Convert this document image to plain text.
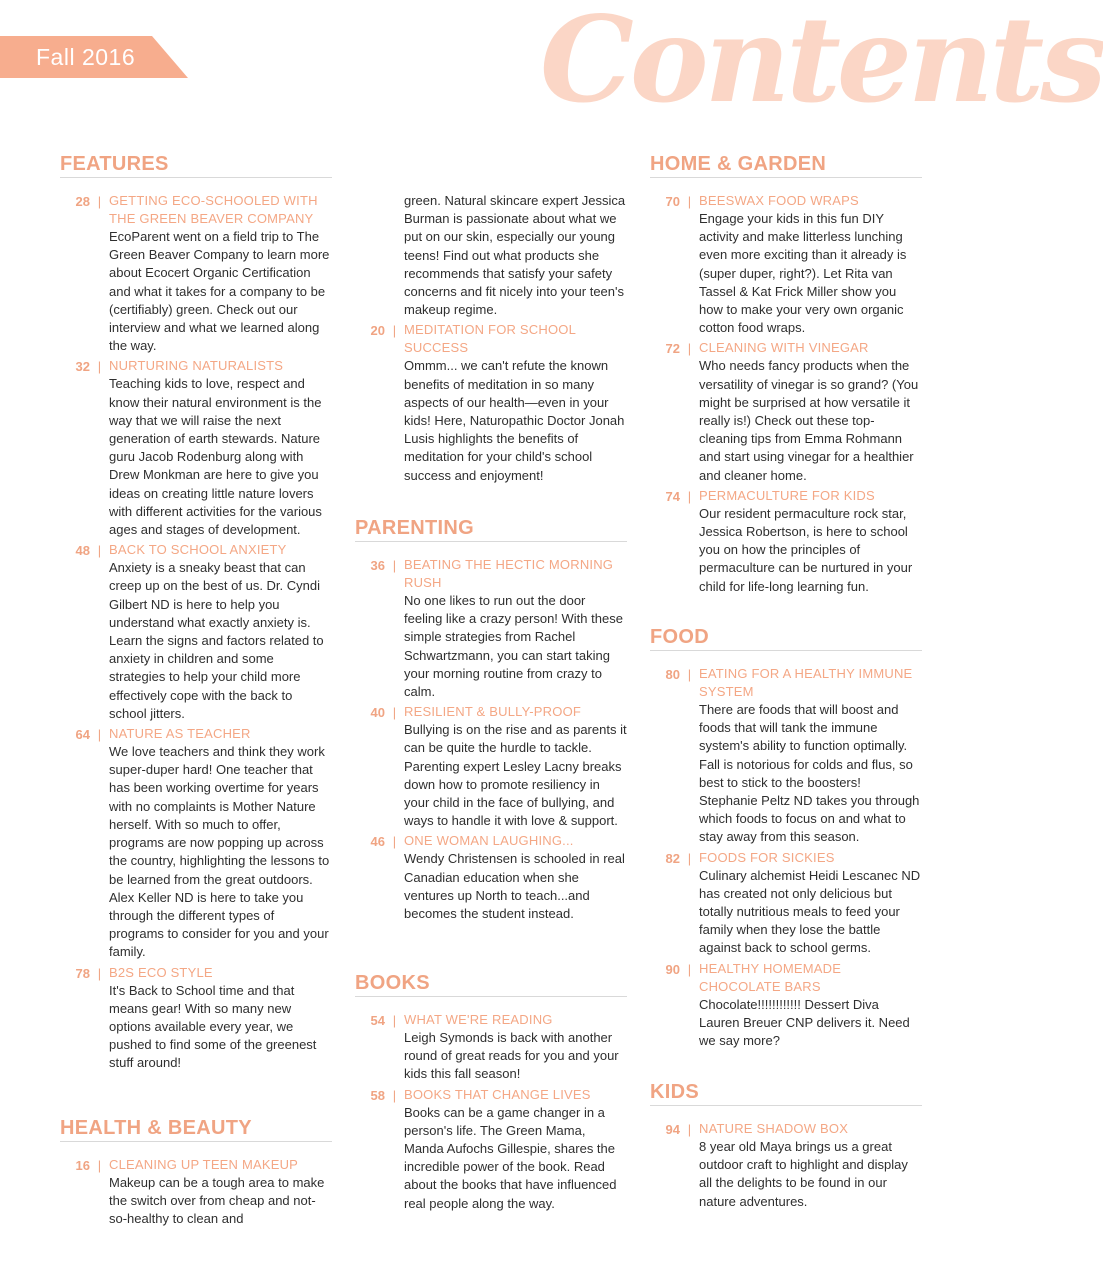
Fall 2016	Contents
FEATURES
28 | GETTING ECO-SCHOOLED WITH THE GREEN BEAVER COMPANY
EcoParent went on a field trip to The Green Beaver Company to learn more about Ecocert Organic Certification and what it takes for a company to be (certifiably) green. Check out our interview and what we learned along the way.
32 | NURTURING NATURALISTS
Teaching kids to love, respect and know their natural environment is the way that we will raise the next generation of earth stewards. Nature guru Jacob Rodenburg along with Drew Monkman are here to give you ideas on creating little nature lovers with different activities for the various ages and stages of development.
48 | BACK TO SCHOOL ANXIETY
Anxiety is a sneaky beast that can creep up on the best of us. Dr. Cyndi Gilbert ND is here to help you understand what exactly anxiety is. Learn the signs and factors related to anxiety in children and some strategies to help your child more effectively cope with the back to school jitters.
64 | NATURE AS TEACHER
We love teachers and think they work super-duper hard! One teacher that has been working overtime for years with no complaints is Mother Nature herself. With so much to offer, programs are now popping up across the country, highlighting the lessons to be learned from the great outdoors. Alex Keller ND is here to take you through the different types of programs to consider for you and your family.
78 | B2S ECO STYLE
It's Back to School time and that means gear! With so many new options available every year, we pushed to find some of the greenest stuff around!
HEALTH & BEAUTY
16 | CLEANING UP TEEN MAKEUP
Makeup can be a tough area to make the switch over from cheap and not-so-healthy to clean and
green. Natural skincare expert Jessica Burman is passionate about what we put on our skin, especially our young teens! Find out what products she recommends that satisfy your safety concerns and fit nicely into your teen's makeup regime.
20 | MEDITATION FOR SCHOOL SUCCESS
Ommm... we can't refute the known benefits of meditation in so many aspects of our health—even in your kids! Here, Naturopathic Doctor Jonah Lusis highlights the benefits of meditation for your child's school success and enjoyment!
PARENTING
36 | BEATING THE HECTIC MORNING RUSH
No one likes to run out the door feeling like a crazy person! With these simple strategies from Rachel Schwartzmann, you can start taking your morning routine from crazy to calm.
40 | RESILIENT & BULLY-PROOF
Bullying is on the rise and as parents it can be quite the hurdle to tackle. Parenting expert Lesley Lacny breaks down how to promote resiliency in your child in the face of bullying, and ways to handle it with love & support.
46 | ONE WOMAN LAUGHING...
Wendy Christensen is schooled in real Canadian education when she ventures up North to teach...and becomes the student instead.
BOOKS
54 | WHAT WE'RE READING
Leigh Symonds is back with another round of great reads for you and your kids this fall season!
58 | BOOKS THAT CHANGE LIVES
Books can be a game changer in a person's life. The Green Mama, Manda Aufochs Gillespie, shares the incredible power of the book. Read about the books that have influenced real people along the way.
HOME & GARDEN
70 | BEESWAX FOOD WRAPS
Engage your kids in this fun DIY activity and make litterless lunching even more exciting than it already is (super duper, right?). Let Rita van Tassel & Kat Frick Miller show you how to make your very own organic cotton food wraps.
72 | CLEANING WITH VINEGAR
Who needs fancy products when the versatility of vinegar is so grand? (You might be surprised at how versatile it really is!) Check out these top-cleaning tips from Emma Rohmann and start using vinegar for a healthier and cleaner home.
74 | PERMACULTURE FOR KIDS
Our resident permaculture rock star, Jessica Robertson, is here to school you on how the principles of permaculture can be nurtured in your child for life-long learning fun.
FOOD
80 | EATING FOR A HEALTHY IMMUNE SYSTEM
There are foods that will boost and foods that will tank the immune system's ability to function optimally. Fall is notorious for colds and flus, so best to stick to the boosters! Stephanie Peltz ND takes you through which foods to focus on and what to stay away from this season.
82 | FOODS FOR SICKIES
Culinary alchemist Heidi Lescanec ND has created not only delicious but totally nutritious meals to feed your family when they lose the battle against back to school germs.
90 | HEALTHY HOMEMADE CHOCOLATE BARS
Chocolate!!!!!!!!!!!! Dessert Diva Lauren Breuer CNP delivers it. Need we say more?
KIDS
94 | NATURE SHADOW BOX
8 year old Maya brings us a great outdoor craft to highlight and display all the delights to be found in our nature adventures.
